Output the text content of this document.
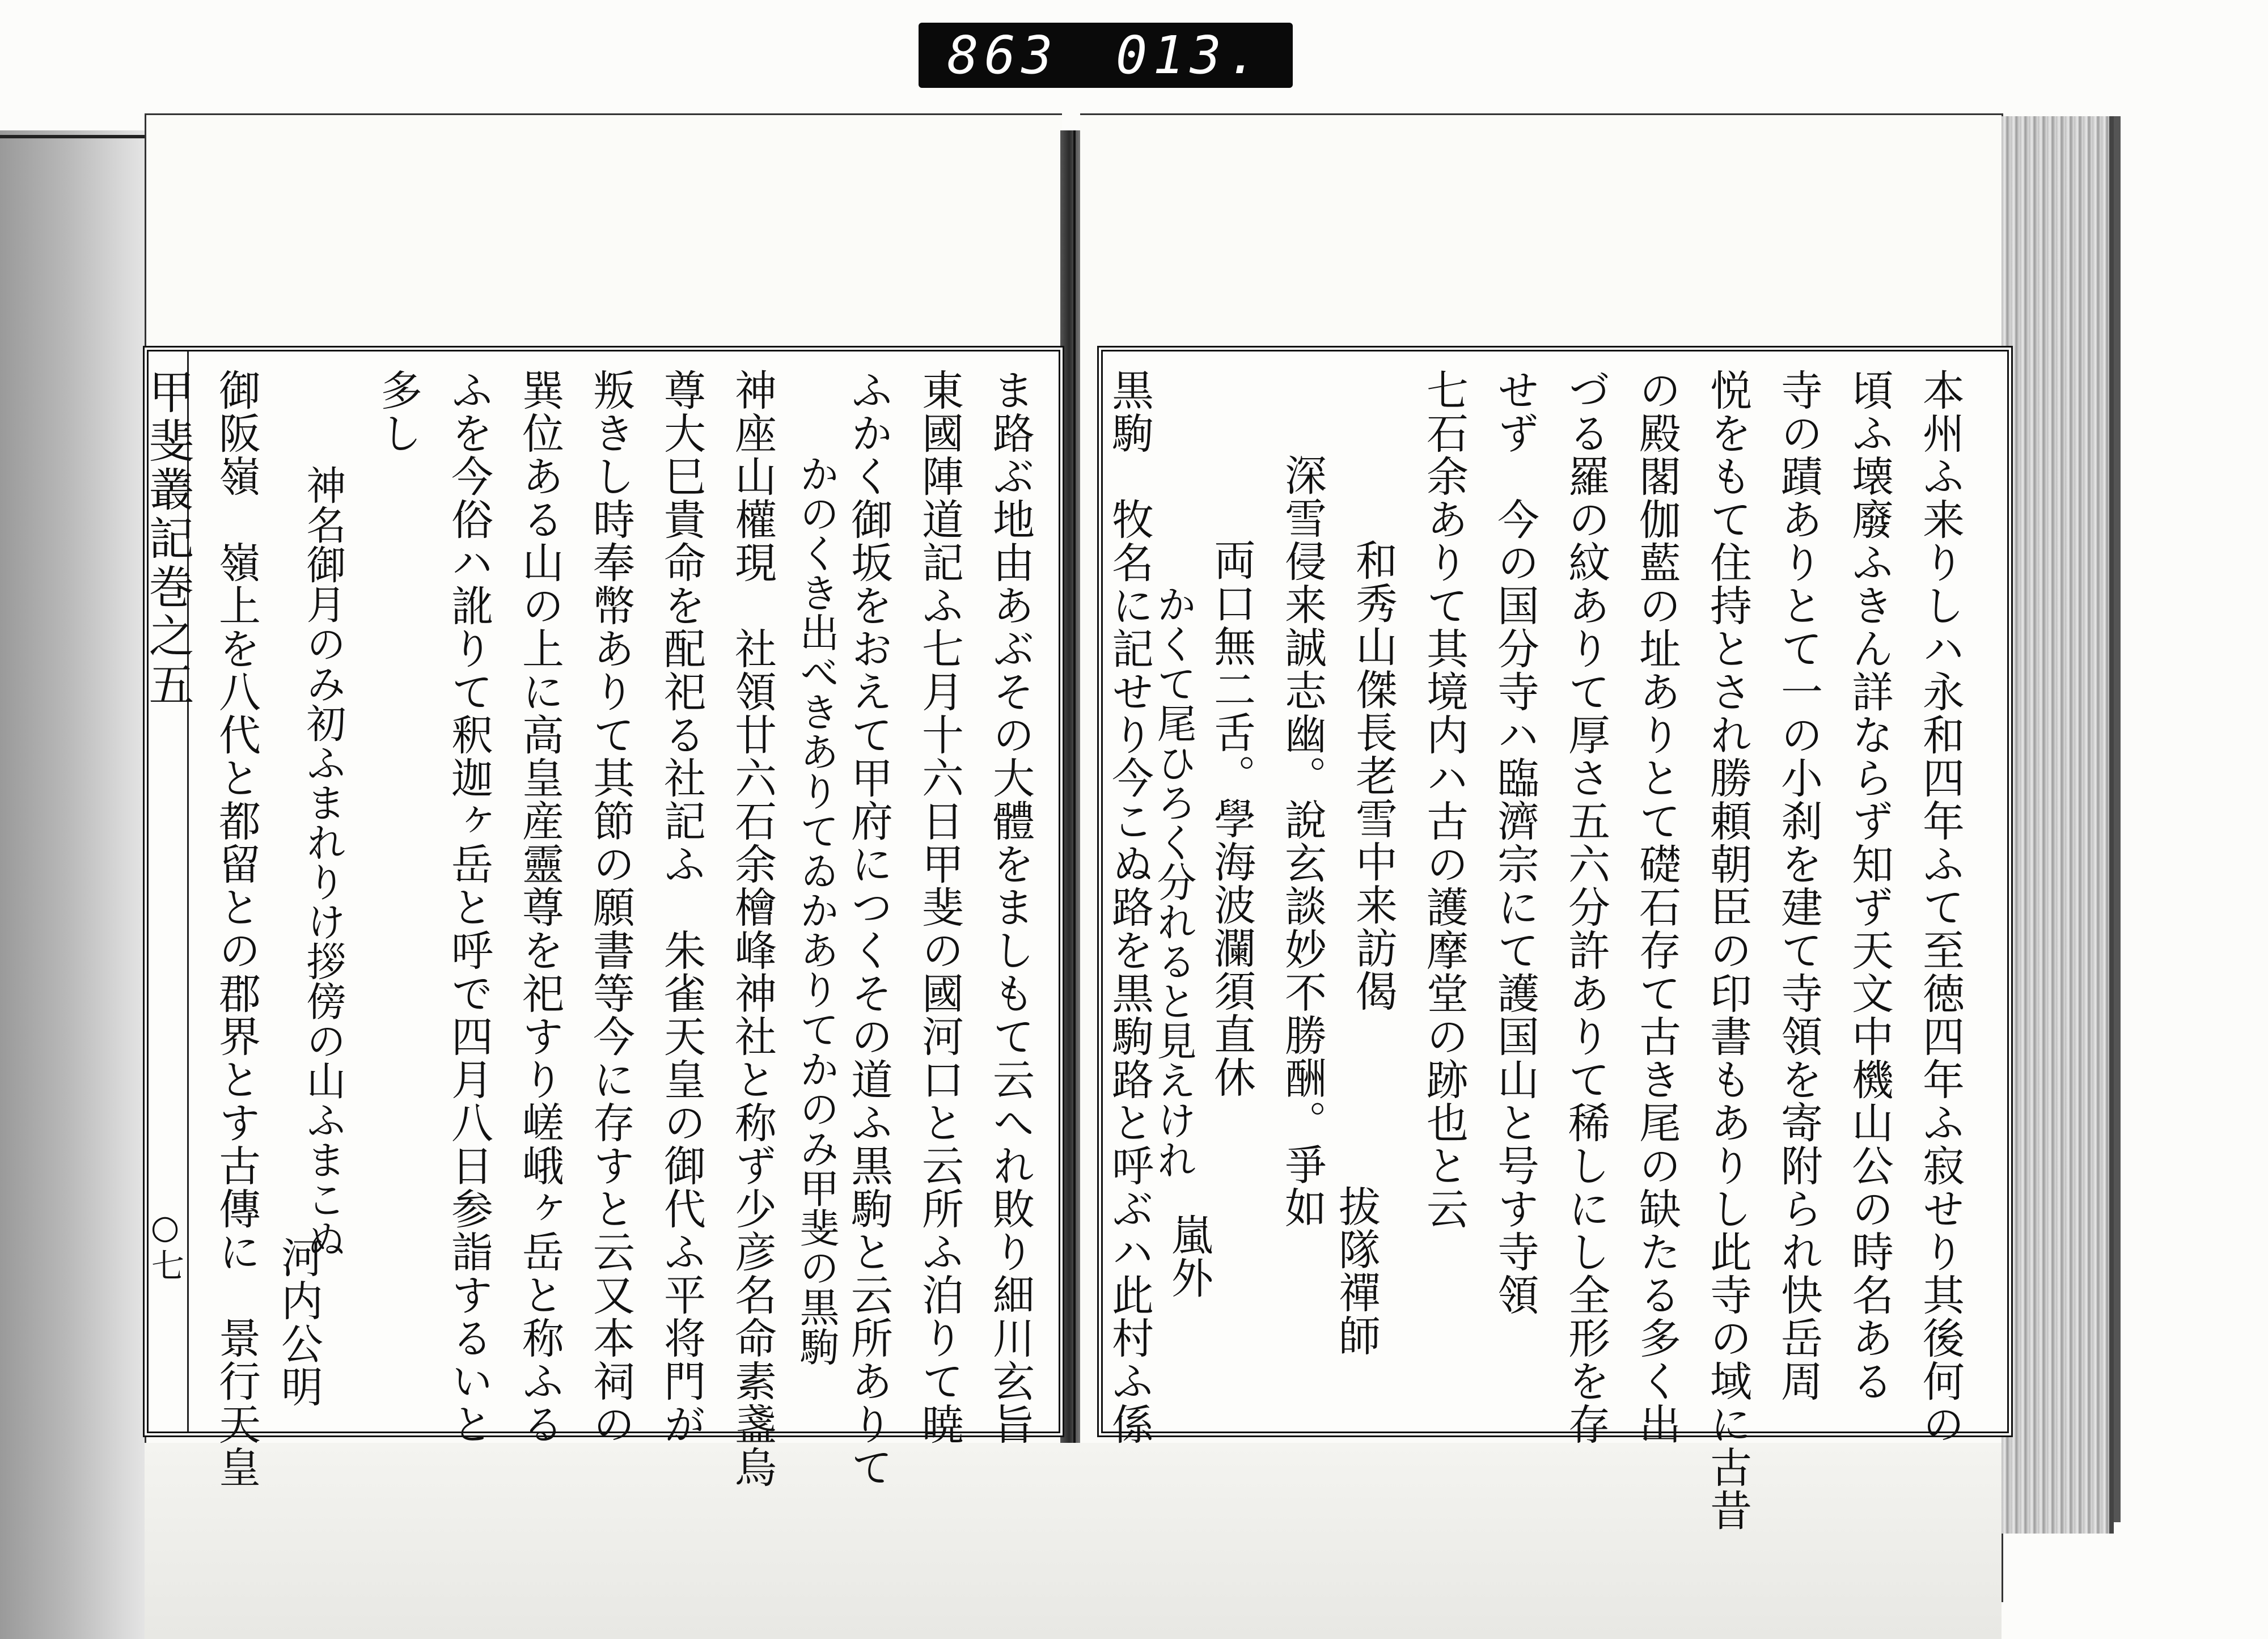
863 013.
甲斐叢記巻之五
○七	ま路ぶ地由あぶその大體をましもて云へれ敗り細川玄旨
東國陣道記ふ七月十六日甲斐の國河口と云所ふ泊りて暁
ふかく御坂をおえて甲府につくその道ふ黒駒と云所ありて
かのくき出べきありてゐかありてかのみ甲斐の黒駒
神座山權現　社領廿六石余檜峰神社と称ず少彦名命素盞烏
尊大巳貴命を配祀る社記ふ　朱雀天皇の御代ふ平将門が
叛きし時奉幣ありて其節の願書等今に存すと云又本祠の
巽位ある山の上に高皇産靈尊を祀すり嵯峨ヶ岳と称ふる
ふを今俗ハ訛りて釈迦ヶ岳と呼で四月八日参詣するいと
多し
神名御月のみ初ふまれりけ拶傍の山ふまこぬ
河内公明
御阪嶺　嶺上を八代と都留との郡界とす古傳に　景行天皇	本州ふ来りしハ永和四年ふて至徳四年ふ寂せり其後何の
頃ふ壊廢ふきん詳ならず知ず天文中機山公の時名ある
寺の蹟ありとて一の小刹を建て寺領を寄附られ快岳周
悦をもて住持とされ勝頼朝臣の印書もありし此寺の域に古昔
の殿閣伽藍の址ありとて礎石存て古き尾の缺たる多く出
づる羅の紋ありて厚さ五六分許ありて稀しにし全形を存
せず　今の国分寺ハ臨濟宗にて護国山と号す寺領
七石余ありて其境内ハ古の護摩堂の跡也と云
和秀山傑長老雪中来訪偈
深雪侵来誠志幽。說玄談妙不勝酬。爭如
拔隊禪師
両口無二舌。學海波瀾須直休
かくて尾ひろく分れると見えけれ
嵐外
黒駒　牧名に記せり今こぬ路を黒駒路と呼ぶハ此村ふ係
